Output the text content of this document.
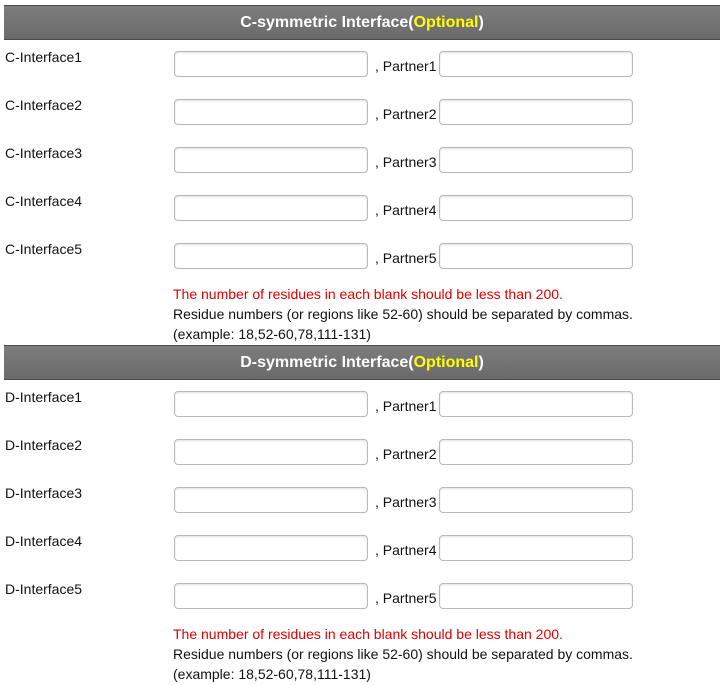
C-symmetric Interface( Optional )
C-Interface1
, Partner1
C-Interface2
, Partner2
C-Interface3
, Partner3
C-Interface4
, Partner4
C-Interface5
, Partner5
The number of residues in each blank should be less than 200.
Residue numbers (or regions like 52-60) should be separated by commas.
(example: 18,52-60,78,111-131)
D-symmetric Interface( Optional )
D-Interface1
, Partner1
D-Interface2
, Partner2
D-Interface3
, Partner3
D-Interface4
, Partner4
D-Interface5
, Partner5
The number of residues in each blank should be less than 200.
Residue numbers (or regions like 52-60) should be separated by commas.
(example: 18,52-60,78,111-131)
